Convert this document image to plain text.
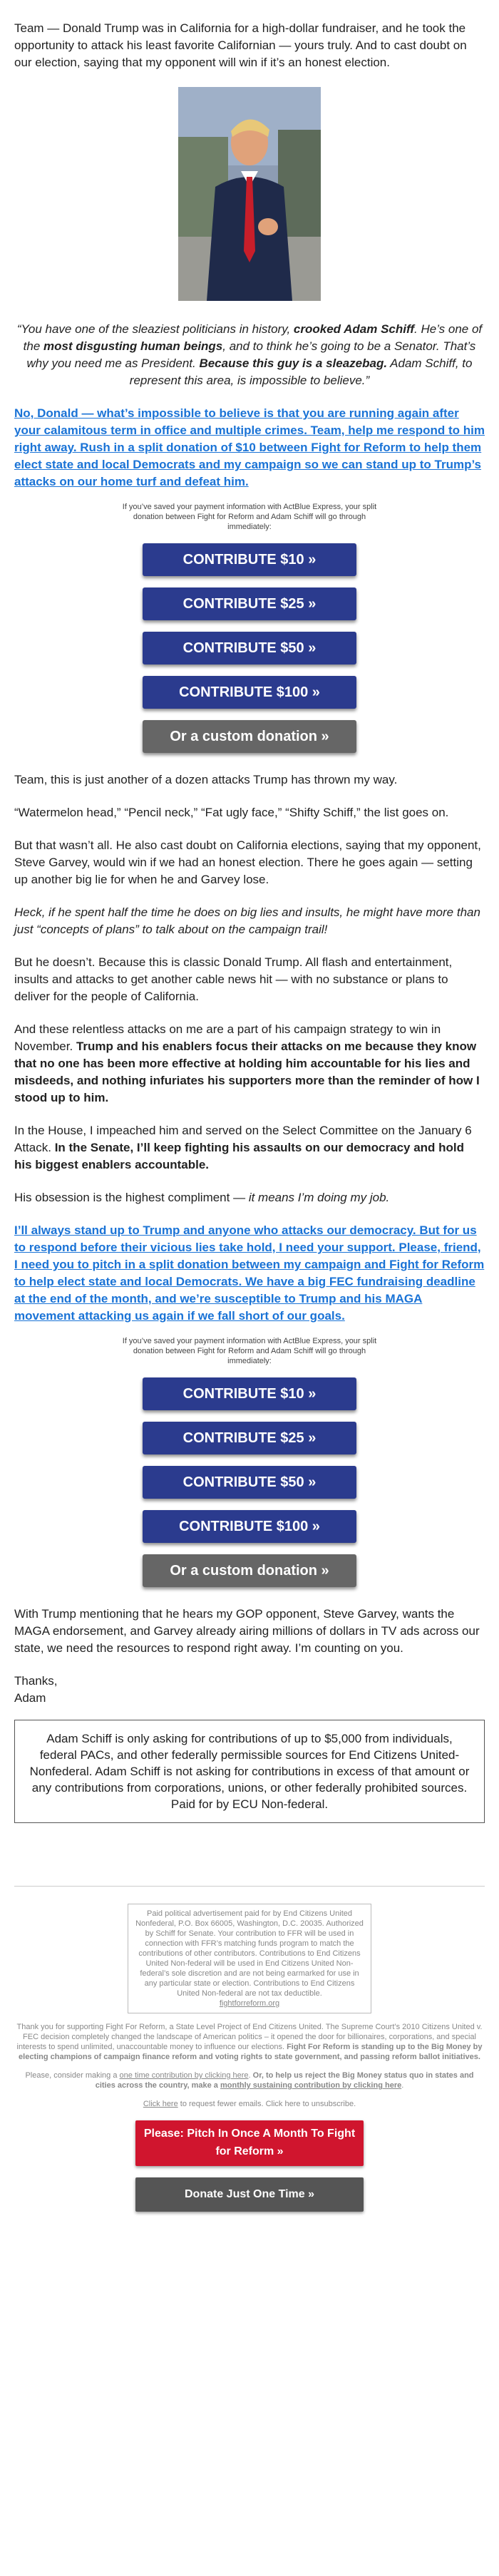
Team — Donald Trump was in California for a high-dollar fundraiser, and he took the opportunity to attack his least favorite Californian — yours truly. And to cast doubt on our election, saying that my opponent will win if it’s an honest election.

“You have one of the sleaziest politicians in history, crooked Adam Schiff. He’s one of the most disgusting human beings, and to think he’s going to be a Senator. That’s why you need me as President. Because this guy is a sleazebag. Adam Schiff, to represent this area, is impossible to believe.”

No, Donald — what’s impossible to believe is that you are running again after your calamitous term in office and multiple crimes. Team, help me respond to him right away. Rush in a split donation of $10 between Fight for Reform to help them elect state and local Democrats and my campaign so we can stand up to Trump’s attacks on our home turf and defeat him.

If you’ve saved your payment information with ActBlue Express, your split donation between Fight for Reform and Adam Schiff will go through immediately:

CONTRIBUTE $10 »
CONTRIBUTE $25 »
CONTRIBUTE $50 »
CONTRIBUTE $100 »
Or a custom donation »

Team, this is just another of a dozen attacks Trump has thrown my way.

“Watermelon head,” “Pencil neck,” “Fat ugly face,” “Shifty Schiff,” the list goes on.

But that wasn’t all. He also cast doubt on California elections, saying that my opponent, Steve Garvey, would win if we had an honest election. There he goes again — setting up another big lie for when he and Garvey lose.

Heck, if he spent half the time he does on big lies and insults, he might have more than just “concepts of plans” to talk about on the campaign trail!

But he doesn’t. Because this is classic Donald Trump. All flash and entertainment, insults and attacks to get another cable news hit — with no substance or plans to deliver for the people of California.

And these relentless attacks on me are a part of his campaign strategy to win in November. Trump and his enablers focus their attacks on me because they know that no one has been more effective at holding him accountable for his lies and misdeeds, and nothing infuriates his supporters more than the reminder of how I stood up to him.

In the House, I impeached him and served on the Select Committee on the January 6 Attack. In the Senate, I’ll keep fighting his assaults on our democracy and hold his biggest enablers accountable.

His obsession is the highest compliment — it means I’m doing my job.

I’ll always stand up to Trump and anyone who attacks our democracy. But for us to respond before their vicious lies take hold, I need your support. Please, friend, I need you to pitch in a split donation between my campaign and Fight for Reform to help elect state and local Democrats. We have a big FEC fundraising deadline at the end of the month, and we’re susceptible to Trump and his MAGA movement attacking us again if we fall short of our goals.

If you’ve saved your payment information with ActBlue Express, your split donation between Fight for Reform and Adam Schiff will go through immediately:

CONTRIBUTE $10 »
CONTRIBUTE $25 »
CONTRIBUTE $50 »
CONTRIBUTE $100 »
Or a custom donation »

With Trump mentioning that he hears my GOP opponent, Steve Garvey, wants the MAGA endorsement, and Garvey already airing millions of dollars in TV ads across our state, we need the resources to respond right away. I’m counting on you.

Thanks,

Adam

Adam Schiff is only asking for contributions of up to $5,000 from individuals, federal PACs, and other federally permissible sources for End Citizens United-Nonfederal. Adam Schiff is not asking for contributions in excess of that amount or any contributions from corporations, unions, or other federally prohibited sources. Paid for by ECU Non-federal.
Paid political advertisement paid for by End Citizens United Nonfederal, P.O. Box 66005, Washington, D.C. 20035. Authorized by Schiff for Senate. Your contribution to FFR will be used in connection with FFR’s matching funds program to match the contributions of other contributors. Contributions to End Citizens United Non-federal will be used in End Citizens United Non-federal’s sole discretion and are not being earmarked for use in any particular state or election. Contributions to End Citizens United Non-federal are not tax deductible.
fightforreform.org

Thank you for supporting Fight For Reform, a State Level Project of End Citizens United. The Supreme Court’s 2010 Citizens United v. FEC decision completely changed the landscape of American politics – it opened the door for billionaires, corporations, and special interests to spend unlimited, unaccountable money to influence our elections. Fight For Reform is standing up to the Big Money by electing champions of campaign finance reform and voting rights to state government, and passing reform ballot initiatives.

Please, consider making a one time contribution by clicking here. Or, to help us reject the Big Money status quo in states and cities across the country, make a monthly sustaining contribution by clicking here.

Click here to request fewer emails. Click here to unsubscribe.

Please: Pitch In Once A Month To Fight for Reform »
Donate Just One Time »
